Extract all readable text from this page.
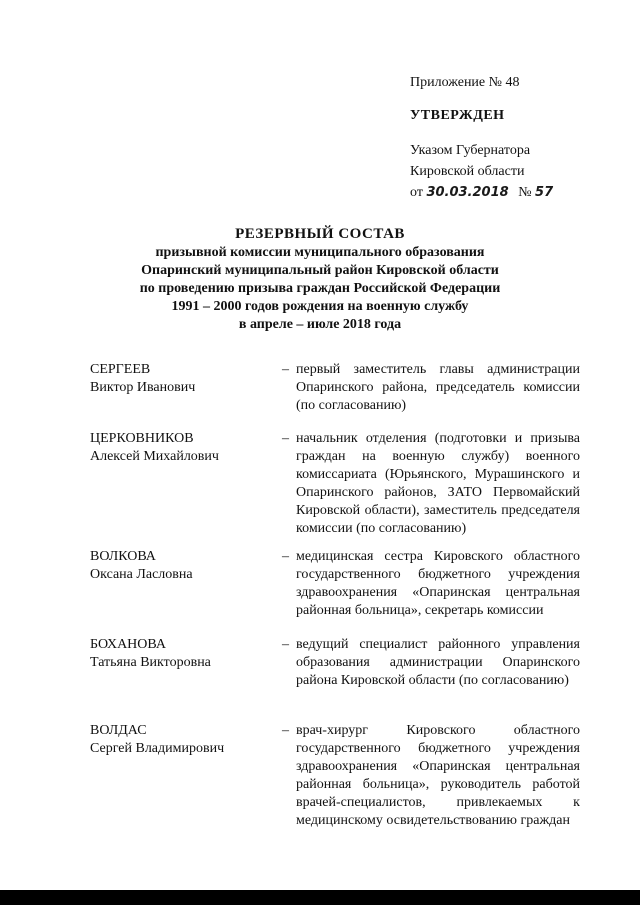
Приложение № 48
УТВЕРЖДЕН
Указом Губернатора
Кировской области
от 30.03.2018 № 57
РЕЗЕРВНЫЙ СОСТАВ
призывной комиссии муниципального образования
Опаринский муниципальный район Кировской области
по проведению призыва граждан Российской Федерации
1991 – 2000 годов рождения на военную службу
в апреле – июле 2018 года
СЕРГЕЕВ
Виктор Иванович
– первый заместитель главы администрации Опаринского района, председатель комиссии (по согласованию)
ЦЕРКОВНИКОВ
Алексей Михайлович
– начальник отделения (подготовки и призыва граждан на военную службу) военного комиссариата (Юрьянского, Мурашинского и Опаринского районов, ЗАТО Первомайский Кировской области), заместитель председателя комиссии (по согласованию)
ВОЛКОВА
Оксана Ласловна
– медицинская сестра Кировского областного государственного бюджетного учреждения здравоохранения «Опаринская центральная районная больница», секретарь комиссии
БОХАНОВА
Татьяна Викторовна
– ведущий специалист районного управления образования администрации Опаринского района Кировской области (по согласованию)
ВОЛДАС
Сергей Владимирович
– врач-хирург Кировского областного государственного бюджетного учреждения здравоохранения «Опаринская центральная районная больница», руководитель работой врачей-специалистов, привлекаемых к медицинскому освидетельствованию граждан
